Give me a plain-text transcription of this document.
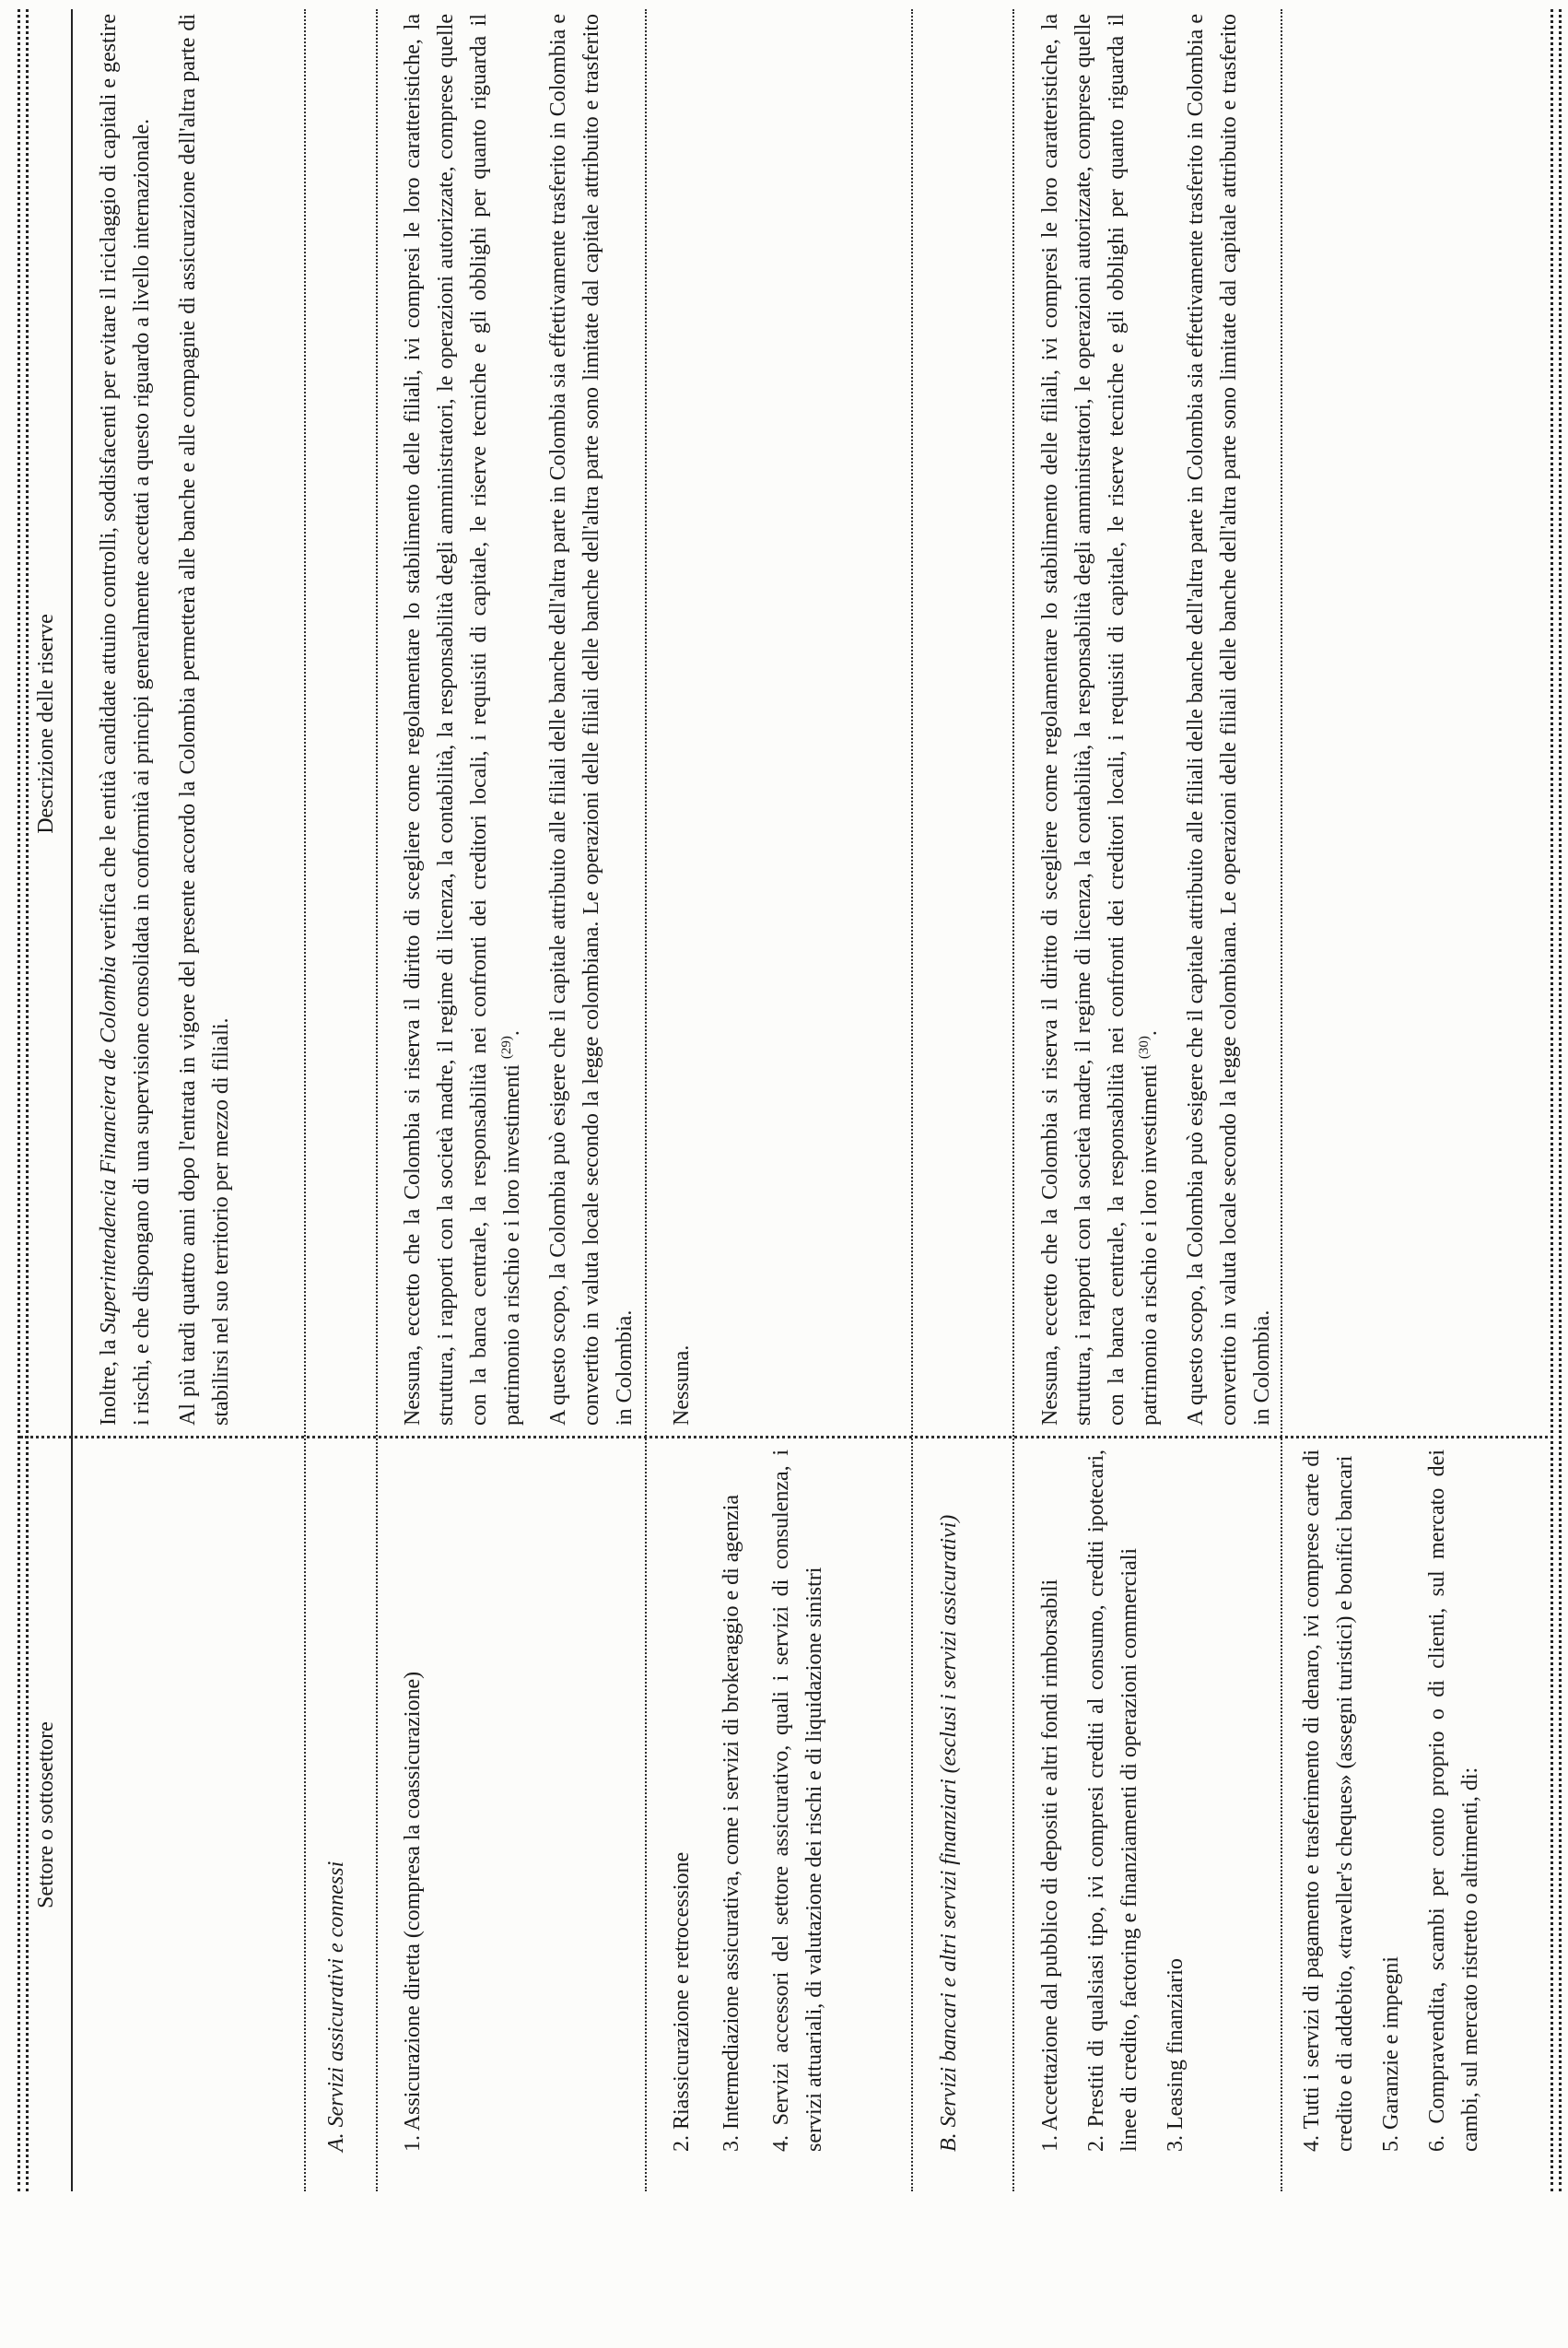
Settore o sottosettore
Descrizione delle riserve

Inoltre, la Superintendencia Financiera de Colombia verifica che le entità candidate attuino controlli, soddisfacenti per evitare il riciclaggio di capitali e gestire i rischi, e che dispongano di una supervisione consolidata in conformità ai principi generalmente accettati a questo riguardo a livello internazionale. Al più tardi quattro anni dopo l'entrata in vigore del presente accordo la Colombia permetterà alle banche e alle compagnie di assicurazione dell'altra parte di stabilirsi nel suo territorio per mezzo di filiali.

A. Servizi assicurativi e connessi 1. Assicurazione diretta (compresa la coassicurazione)

Nessuna, eccetto che la Colombia si riserva il diritto di scegliere come regolamentare lo stabilimento delle filiali, ivi compresi le loro caratteristiche, la struttura, i rapporti con la società madre, il regime di licenza, la contabilità, la responsabilità degli amministratori, le operazioni autorizzate, comprese quelle con la banca centrale, la responsabilità nei confronti dei creditori locali, i requisiti di capitale, le riserve tecniche e gli obblighi per quanto riguarda il patrimonio a rischio e i loro investimenti $^{(29)}$. A questo scopo, la Colombia può esigere che il capitale attribuito alle filiali delle banche dell'altra parte in Colombia sia effettivamente trasferito in Colombia e convertito in valuta locale secondo la legge colombiana. Le operazioni delle filiali delle banche dell'altra parte sono limitate dal capitale attribuito e trasferito in Colombia.

2. Riassicurazione e retrocessione 3. Intermediazione assicurativa, come i servizi di brokeraggio e di agenzia 4. Servizi accessori del settore assicurativo, quali i servizi di consulenza, i servizi attuariali, di valutazione dei rischi e di liquidazione sinistri

Nessuna.

B. Servizi bancari e altri servizi finanziari (esclusi i servizi assicurativi)	1. Accettazione dal pubblico di depositi e altri fondi rimborsabili 2. Prestiti di qualsiasi tipo, ivi compresi crediti al consumo, crediti ipotecari, linee di credito, factoring e finanziamenti di operazioni commerciali 3. Leasing finanziario

Nessuna, eccetto che la Colombia si riserva il diritto di scegliere come regolamentare lo stabilimento delle filiali, ivi compresi le loro caratteristiche, la struttura, i rapporti con la società madre, il regime di licenza, la contabilità, la responsabilità degli amministratori, le operazioni autorizzate, comprese quelle con la banca centrale, la responsabilità nei confronti dei creditori locali, i requisiti di capitale, le riserve tecniche e gli obblighi per quanto riguarda il patrimonio a rischio e i loro investimenti $^{(30)}$. A questo scopo, la Colombia può esigere che il capitale attribuito alle filiali delle banche dell'altra parte in Colombia sia effettivamente trasferito in Colombia e convertito in valuta locale secondo la legge colombiana. Le operazioni delle filiali delle banche dell'altra parte sono limitate dal capitale attribuito e trasferito in Colombia.

4. Tutti i servizi di pagamento e trasferimento di denaro, ivi comprese carte di credito e di addebito, «traveller's cheques» (assegni turistici) e bonifici bancari 5. Garanzie e impegni 6. Compravendita, scambi per conto proprio o di clienti, sul mercato dei cambi, sul mercato ristretto o altrimenti, di:
